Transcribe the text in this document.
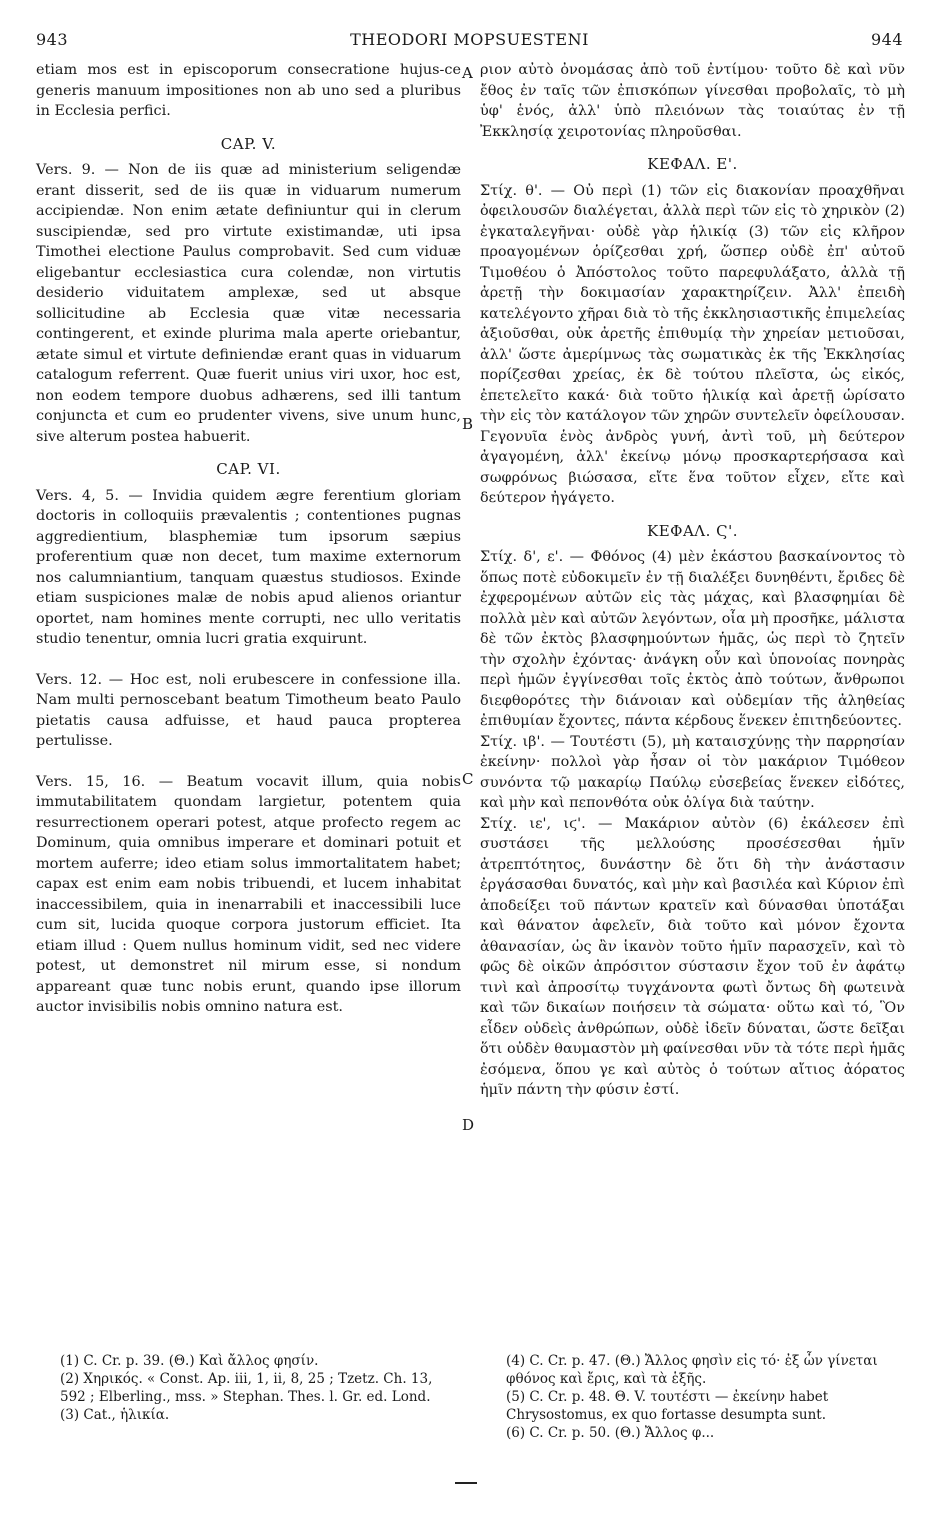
943	THEODORI MOPSUESTENI	944

etiam mos est in episcoporum consecratione hujus-ce generis manuum impositiones non ab uno sed a pluribus in Ecclesia perfici.

CAP. V.

Vers. 9. — Non de iis quæ ad ministerium seligendæ erant disserit, sed de iis quæ in viduarum numerum accipiendæ. Non enim ætate definiuntur qui in clerum suscipiendæ, sed pro virtute existimandæ, uti ipsa Timothei electione Paulus comprobavit. Sed cum viduæ eligebantur ecclesiastica cura colendæ, non virtutis desiderio viduitatem amplexæ, sed ut absque sollicitudine ab Ecclesia quæ vitæ necessaria contingerent, et exinde plurima mala aperte oriebantur, ætate simul et virtute definiendæ erant quas in viduarum catalogum referrent. Quæ fuerit unius viri uxor, hoc est, non eodem tempore duobus adhærens, sed illi tantum conjuncta et cum eo prudenter vivens, sive unum hunc, sive alterum postea habuerit.

CAP. VI.

Vers. 4, 5. — Invidia quidem ægre ferentium gloriam doctoris in colloquiis prævalentis ; contentiones pugnas aggredientium, blasphemiæ tum ipsorum sæpius proferentium quæ non decet, tum maxime externorum nos calumniantium, tanquam quæstus studiosos. Exinde etiam suspiciones malæ de nobis apud alienos oriantur oportet, nam homines mente corrupti, nec ullo veritatis studio tenentur, omnia lucri gratia exquirunt.

Vers. 12. — Hoc est, noli erubescere in confessione illa. Nam multi pernoscebant beatum Timotheum beato Paulo pietatis causa adfuisse, et haud pauca propterea pertulisse.

Vers. 15, 16. — Beatum vocavit illum, quia nobis immutabilitatem quondam largietur, potentem quia resurrectionem operari potest, atque profecto regem ac Dominum, quia omnibus imperare et dominari potuit et mortem auferre; ideo etiam solus immortalitatem habet; capax est enim eam nobis tribuendi, et lucem inhabitat inaccessibilem, quia in inenarrabili et inaccessibili luce cum sit, lucida quoque corpora justorum efficiet. Ita etiam illud : Quem nullus hominum vidit, sed nec videre potest, ut demonstret nil mirum esse, si nondum appareant quæ tunc nobis erunt, quando ipse illorum auctor invisibilis nobis omnino natura est.

ριον αὐτὸ ὀνομάσας ἀπὸ τοῦ ἐντίμου· τοῦτο δὲ καὶ νῦν ἔθος ἐν ταῖς τῶν ἐπισκόπων γίνεσθαι προβολαῖς, τὸ μὴ ὑφ' ἑνός, ἀλλ' ὑπὸ πλειόνων τὰς τοιαύτας ἐν τῇ Ἐκκλησίᾳ χειροτονίας πληροῦσθαι.

ΚΕΦΑΛ. Ε'.

Στίχ. θ'. — Οὐ περὶ (1) τῶν εἰς διακονίαν προαχθῆναι ὀφειλουσῶν διαλέγεται, ἀλλὰ περὶ τῶν εἰς τὸ χηρικὸν (2) ἐγκαταλεγῆναι· οὐδὲ γὰρ ἡλικίᾳ (3) τῶν εἰς κλῆρον προαγομένων ὁρίζεσθαι χρή, ὥσπερ οὐδὲ ἐπ' αὐτοῦ Τιμοθέου ὁ Ἀπόστολος τοῦτο παρεφυλάξατο, ἀλλὰ τῇ ἀρετῇ τὴν δοκιμασίαν χαρακτηρίζειν. Ἀλλ' ἐπειδὴ κατελέγοντο χῆραι διὰ τὸ τῆς ἐκκλησιαστικῆς ἐπιμελείας ἀξιοῦσθαι, οὐκ ἀρετῆς ἐπιθυμίᾳ τὴν χηρείαν μετιοῦσαι, ἀλλ' ὥστε ἀμερίμνως τὰς σωματικὰς ἐκ τῆς Ἐκκλησίας πορίζεσθαι χρείας, ἐκ δὲ τούτου πλεῖστα, ὡς εἰκός, ἐπετελεῖτο κακά· διὰ τοῦτο ἡλικίᾳ καὶ ἀρετῇ ὡρίσατο τὴν εἰς τὸν κατάλογον τῶν χηρῶν συντελεῖν ὀφείλουσαν. Γεγονυῖα ἑνὸς ἀνδρὸς γυνή, ἀντὶ τοῦ, μὴ δεύτερον ἀγαγομένη, ἀλλ' ἐκείνῳ μόνῳ προσκαρτερήσασα καὶ σωφρόνως βιώσασα, εἴτε ἕνα τοῦτον εἶχεν, εἴτε καὶ δεύτερον ἠγάγετο.

ΚΕΦΑΛ. Ϛ'.

Στίχ. δ', ε'. — Φθόνος (4) μὲν ἑκάστου βασκαίνοντος τὸ ὅπως ποτὲ εὐδοκιμεῖν ἐν τῇ διαλέξει δυνηθέντι, ἔριδες δὲ ἐχφερομένων αὐτῶν εἰς τὰς μάχας, καὶ βλασφημίαι δὲ πολλὰ μὲν καὶ αὐτῶν λεγόντων, οἷα μὴ προσῆκε, μάλιστα δὲ τῶν ἐκτὸς βλασφημούντων ἡμᾶς, ὡς περὶ τὸ ζητεῖν τὴν σχολὴν ἐχόντας· ἀνάγκη οὖν καὶ ὑπονοίας πονηρὰς περὶ ἡμῶν ἐγγίνεσθαι τοῖς ἐκτὸς ἀπὸ τούτων, ἄνθρωποι διεφθορότες τὴν διάνοιαν καὶ οὐδεμίαν τῆς ἀληθείας ἐπιθυμίαν ἔχοντες, πάντα κέρδους ἕνεκεν ἐπιτηδεύοντες.

Στίχ. ιβ'. — Τουτέστι (5), μὴ καταισχύνῃς τὴν παρρησίαν ἐκείνην· πολλοὶ γὰρ ἦσαν οἱ τὸν μακάριον Τιμόθεον συνόντα τῷ μακαρίῳ Παύλῳ εὐσεβείας ἕνεκεν εἰδότες, καὶ μὴν καὶ πεπονθότα οὐκ ὀλίγα διὰ ταύτην.

Στίχ. ιε', ιϛ'. — Μακάριον αὐτὸν (6) ἐκάλεσεν ἐπὶ συστάσει τῆς μελλούσης προσέσεσθαι ἡμῖν ἀτρεπτότητος, δυνάστην δὲ ὅτι δὴ τὴν ἀνάστασιν ἐργάσασθαι δυνατός, καὶ μὴν καὶ βασιλέα καὶ Κύριον ἐπὶ ἀποδείξει τοῦ πάντων κρατεῖν καὶ δύνασθαι ὑποτάξαι καὶ θάνατον ἀφελεῖν, διὰ τοῦτο καὶ μόνον ἔχοντα ἀθανασίαν, ὡς ἂν ἱκανὸν τοῦτο ἡμῖν παρασχεῖν, καὶ τὸ φῶς δὲ οἰκῶν ἀπρόσιτον σύστασιν ἔχον τοῦ ἐν ἀφάτῳ τινὶ καὶ ἀπροσίτῳ τυγχάνοντα φωτὶ ὄντως δὴ φωτεινὰ καὶ τῶν δικαίων ποιήσειν τὰ σώματα· οὕτω καὶ τό, Ὃν εἶδεν οὐδεὶς ἀνθρώπων, οὐδὲ ἰδεῖν δύναται, ὥστε δεῖξαι ὅτι οὐδὲν θαυμαστὸν μὴ φαίνεσθαι νῦν τὰ τότε περὶ ἡμᾶς ἐσόμενα, ὅπου γε καὶ αὐτὸς ὁ τούτων αἴτιος ἀόρατος ἡμῖν πάντη τὴν φύσιν ἐστί.

A
B
C
D
(1) C. Cr. p. 39. (Θ.) Καὶ ἄλλος φησίν.
(2) Χηρικός. « Const. Ap. iii, 1, ii, 8, 25 ; Tzetz. Ch. 13, 592 ; Elberling., mss. » Stephan. Thes. l. Gr. ed. Lond.
(3) Cat., ἡλικία.
(4) C. Cr. p. 47. (Θ.) Ἄλλος φησὶν εἰς τό· ἐξ ὧν γίνεται φθόνος καὶ ἔρις, καὶ τὰ ἑξῆς.
(5) C. Cr. p. 48. Θ. V. τουτέστι — ἐκείνην habet Chrysostomus, ex quo fortasse desumpta sunt.
(6) C. Cr. p. 50. (Θ.) Ἄλλος φ...
